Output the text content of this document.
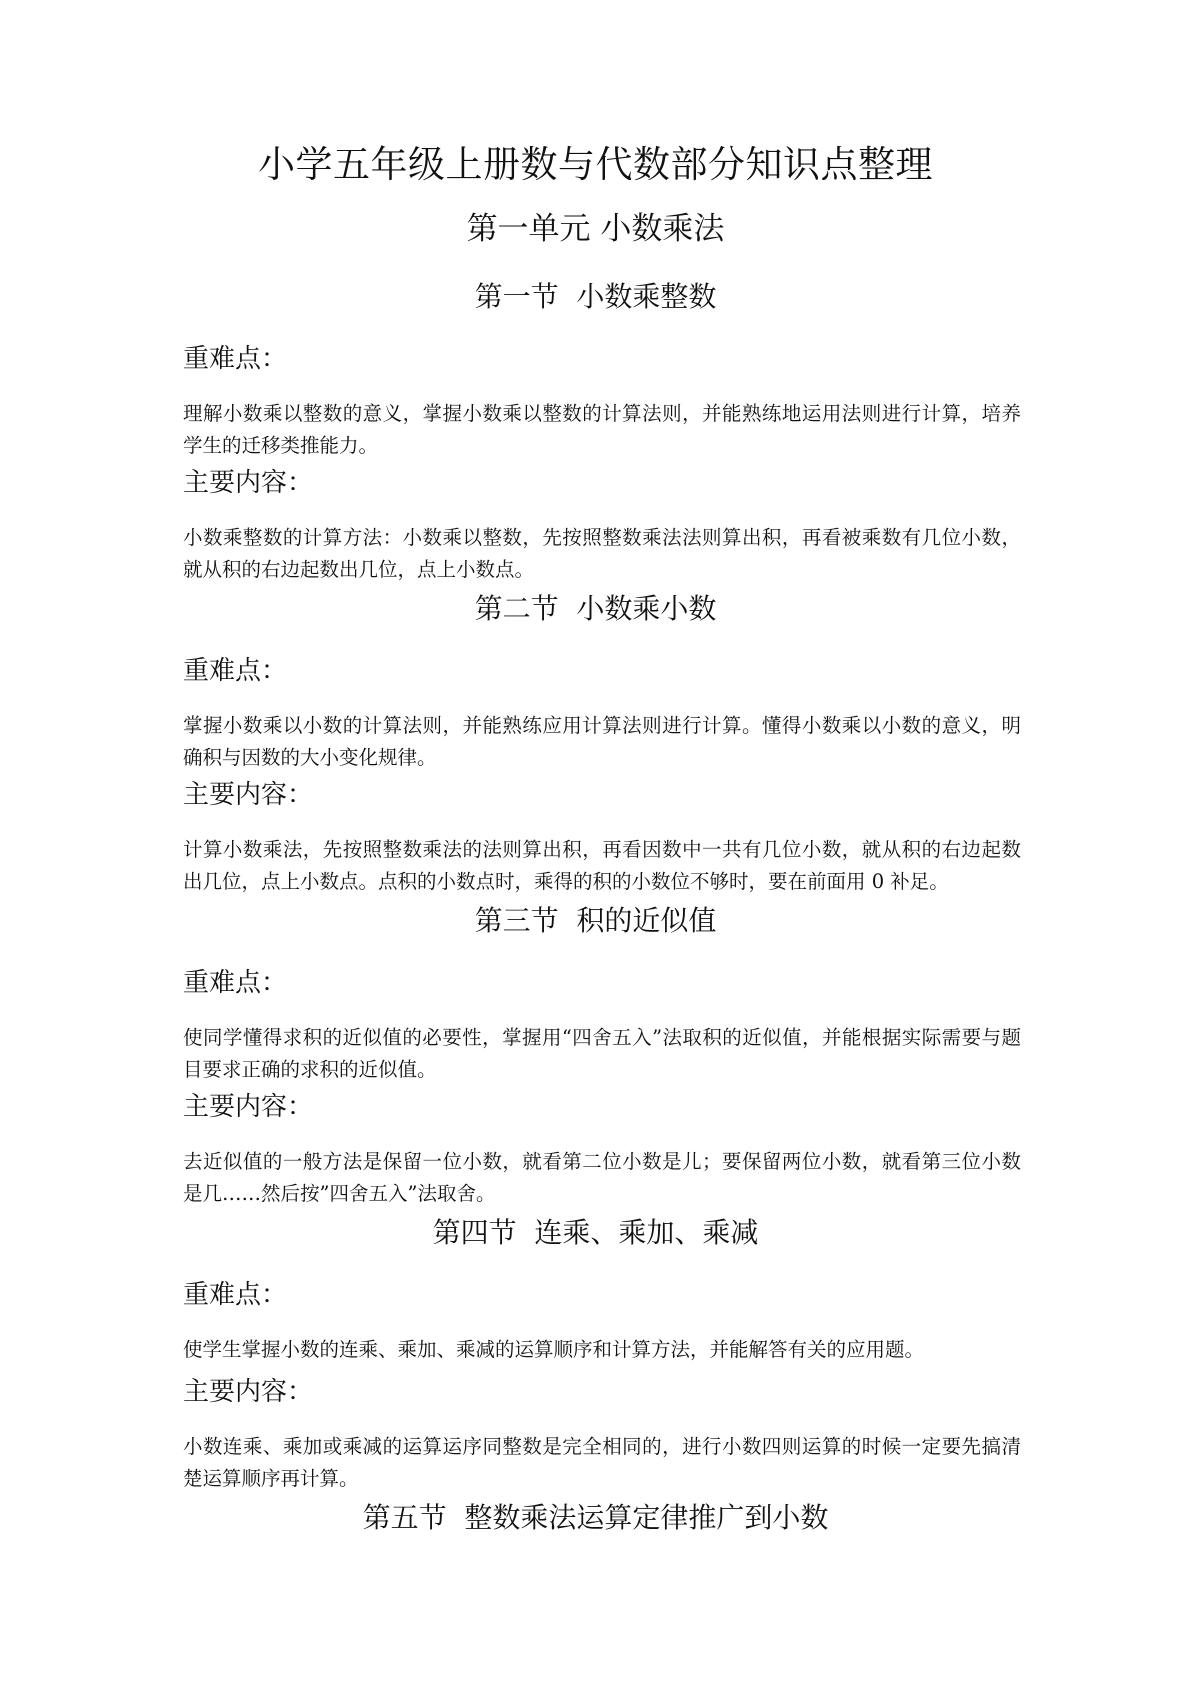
小学五年级上册数与代数部分知识点整理
第一单元 小数乘法
第一节  小数乘整数
重难点：
理解小数乘以整数的意义，掌握小数乘以整数的计算法则，并能熟练地运用法则进行计算，培养学生的迁移类推能力。
主要内容：
小数乘整数的计算方法：小数乘以整数，先按照整数乘法法则算出积，再看被乘数有几位小数，就从积的右边起数出几位，点上小数点。
第二节  小数乘小数
重难点：
掌握小数乘以小数的计算法则，并能熟练应用计算法则进行计算。懂得小数乘以小数的意义，明确积与因数的大小变化规律。
主要内容：
计算小数乘法，先按照整数乘法的法则算出积，再看因数中一共有几位小数，就从积的右边起数出几位，点上小数点。点积的小数点时，乘得的积的小数位不够时，要在前面用 0 补足。
第三节  积的近似值
重难点：
使同学懂得求积的近似值的必要性，掌握用“四舍五入”法取积的近似值，并能根据实际需要与题目要求正确的求积的近似值。
主要内容：
去近似值的一般方法是保留一位小数，就看第二位小数是儿；要保留两位小数，就看第三位小数是几……然后按”四舍五入”法取舍。
第四节  连乘、乘加、乘减
重难点：
使学生掌握小数的连乘、乘加、乘减的运算顺序和计算方法，并能解答有关的应用题。
主要内容：
小数连乘、乘加或乘减的运算运序同整数是完全相同的，进行小数四则运算的时候一定要先搞清楚运算顺序再计算。
第五节  整数乘法运算定律推广到小数
